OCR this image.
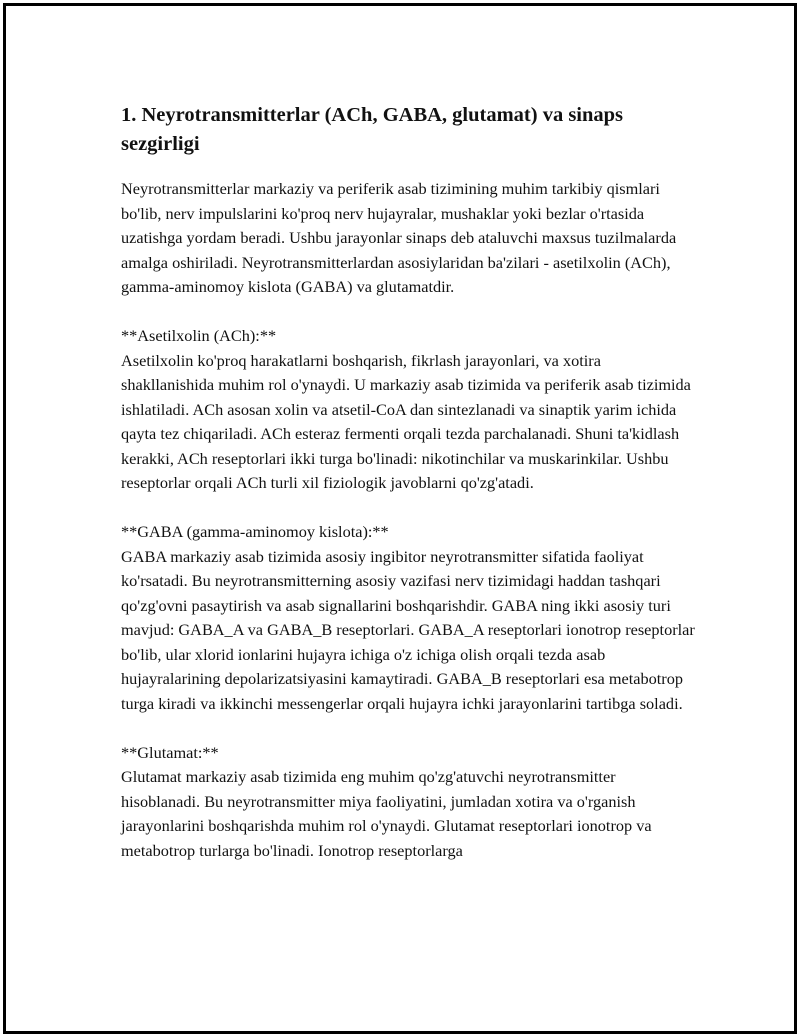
1. Neyrotransmitterlar (ACh, GABA, glutamat) va sinaps sezgirligi

Neyrotransmitterlar markaziy va periferik asab tizimining muhim tarkibiy qismlari bo'lib, nerv impulslarini ko'proq nerv hujayralar, mushaklar yoki bezlar o'rtasida uzatishga yordam beradi. Ushbu jarayonlar sinaps deb ataluvchi maxsus tuzilmalarda amalga oshiriladi. Neyrotransmitterlardan asosiylaridan ba'zilari - asetilxolin (ACh), gamma-aminomoy kislota (GABA) va glutamatdir.

**Asetilxolin (ACh):**

Asetilxolin ko'proq harakatlarni boshqarish, fikrlash jarayonlari, va xotira shakllanishida muhim rol o'ynaydi. U markaziy asab tizimida va periferik asab tizimida ishlatiladi. ACh asosan xolin va atsetil-CoA dan sintezlanadi va sinaptik yarim ichida qayta tez chiqariladi. ACh esteraz fermenti orqali tezda parchalanadi. Shuni ta'kidlash kerakki, ACh reseptorlari ikki turga bo'linadi: nikotinchilar va muskarinkilar. Ushbu reseptorlar orqali ACh turli xil fiziologik javoblarni qo'zg'atadi.

**GABA (gamma-aminomoy kislota):**

GABA markaziy asab tizimida asosiy ingibitor neyrotransmitter sifatida faoliyat ko'rsatadi. Bu neyrotransmitterning asosiy vazifasi nerv tizimidagi haddan tashqari qo'zg'ovni pasaytirish va asab signallarini boshqarishdir. GABA ning ikki asosiy turi mavjud: GABA_A va GABA_B reseptorlari. GABA_A reseptorlari ionotrop reseptorlar bo'lib, ular xlorid ionlarini hujayra ichiga o'z ichiga olish orqali tezda asab hujayralarining depolarizatsiyasini kamaytiradi. GABA_B reseptorlari esa metabotrop turga kiradi va ikkinchi messengerlar orqali hujayra ichki jarayonlarini tartibga soladi.

**Glutamat:**

Glutamat markaziy asab tizimida eng muhim qo'zg'atuvchi neyrotransmitter hisoblanadi. Bu neyrotransmitter miya faoliyatini, jumladan xotira va o'rganish jarayonlarini boshqarishda muhim rol o'ynaydi. Glutamat reseptorlari ionotrop va metabotrop turlarga bo'linadi. Ionotrop reseptorlarga
